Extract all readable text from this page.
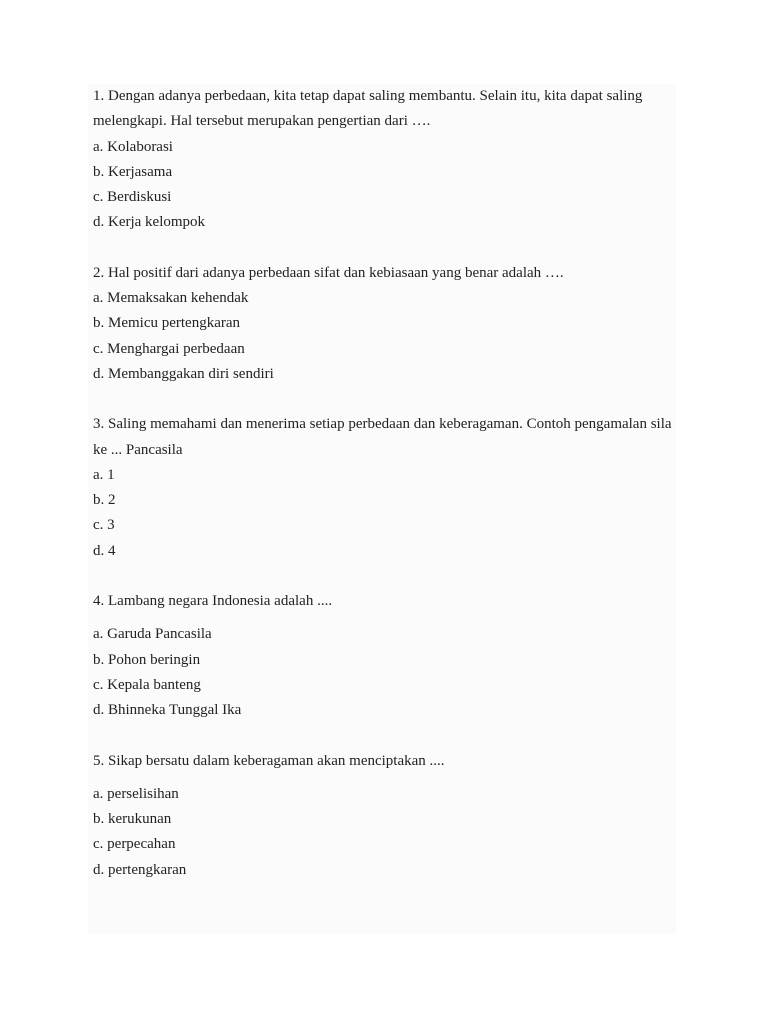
1. Dengan adanya perbedaan, kita tetap dapat saling membantu. Selain itu, kita dapat saling melengkapi. Hal tersebut merupakan pengertian dari ….

a. Kolaborasi
b. Kerjasama
c. Berdiskusi
d. Kerja kelompok

2. Hal positif dari adanya perbedaan sifat dan kebiasaan yang benar adalah ….

a. Memaksakan kehendak
b. Memicu pertengkaran
c. Menghargai perbedaan
d. Membanggakan diri sendiri

3. Saling memahami dan menerima setiap perbedaan dan keberagaman. Contoh pengamalan sila ke ... Pancasila

a. 1
b. 2
c. 3
d. 4

4. Lambang negara Indonesia adalah ....

a. Garuda Pancasila
b. Pohon beringin
c. Kepala banteng
d. Bhinneka Tunggal Ika

5. Sikap bersatu dalam keberagaman akan menciptakan ....

a. perselisihan
b. kerukunan
c. perpecahan
d. pertengkaran
